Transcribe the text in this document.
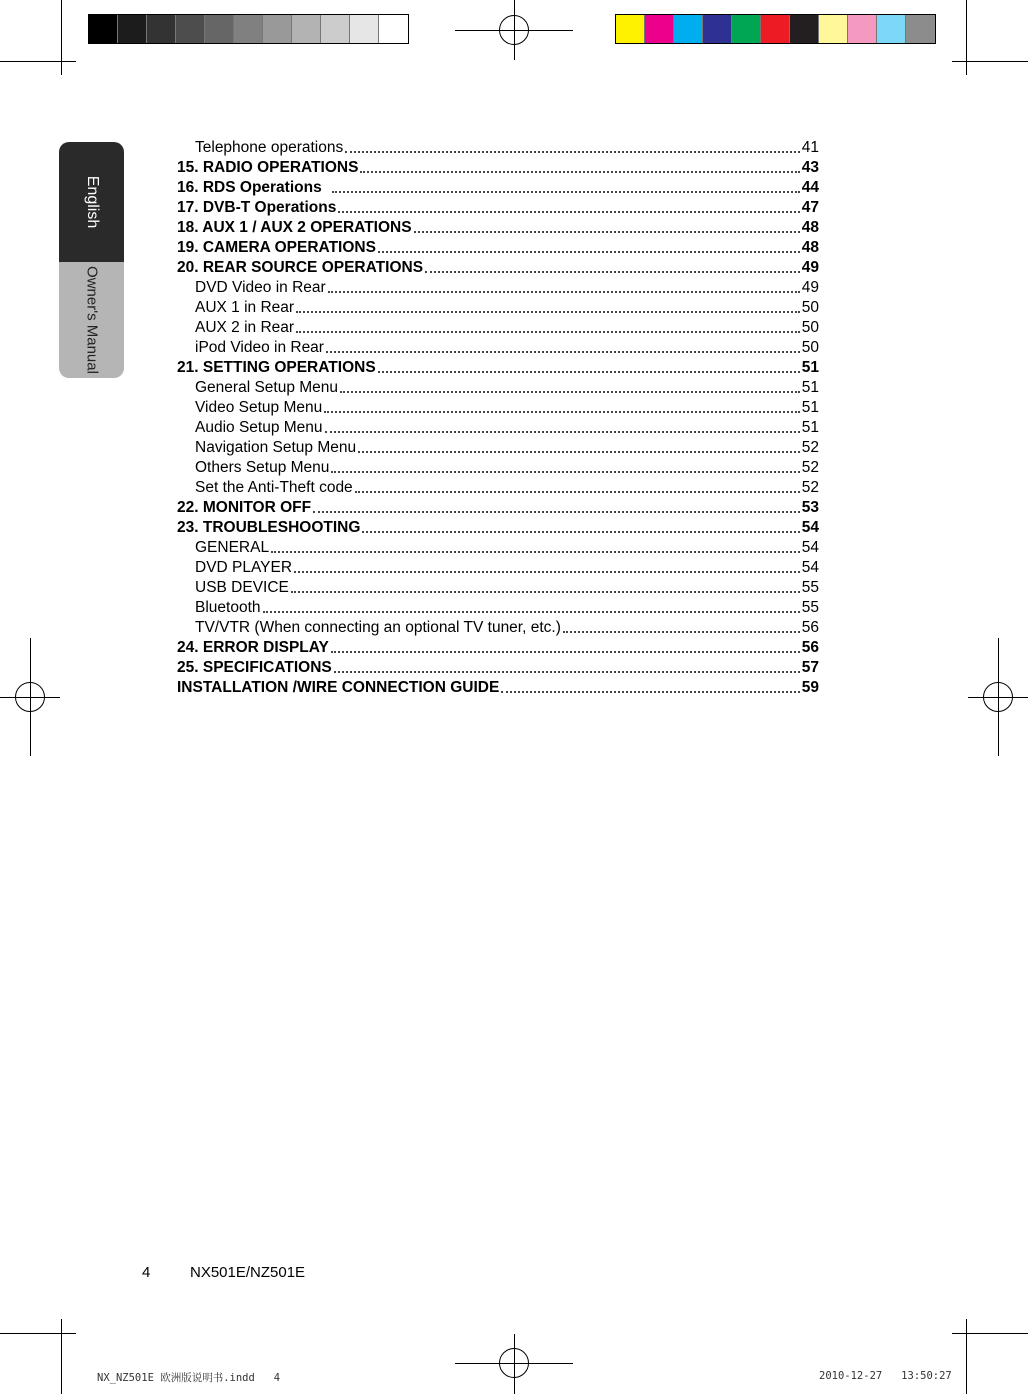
English
Owner's Manual
Telephone operations	41
15. RADIO OPERATIONS	43
16. RDS Operations	44
17. DVB-T Operations	47
18. AUX 1 / AUX 2 OPERATIONS	48
19. CAMERA OPERATIONS	48
20. REAR SOURCE OPERATIONS	49
DVD Video in Rear	49
AUX 1 in Rear	50
AUX 2 in Rear	50
iPod Video in Rear	50
21. SETTING OPERATIONS	51
General Setup Menu	51
Video Setup Menu	51
Audio Setup Menu	51
Navigation Setup Menu	52
Others Setup Menu	52
Set the Anti-Theft code	52
22. MONITOR OFF	53
23. TROUBLESHOOTING	54
GENERAL	54
DVD PLAYER	54
USB DEVICE	55
Bluetooth	55
TV/VTR (When connecting an optional TV tuner, etc.)	56
24. ERROR DISPLAY	56
25. SPECIFICATIONS	57
INSTALLATION /WIRE CONNECTION GUIDE	59
4	NX501E/NZ501E
NX_NZ501E 欧洲版说明书.indd   4	2010-12-27   13:50:27
